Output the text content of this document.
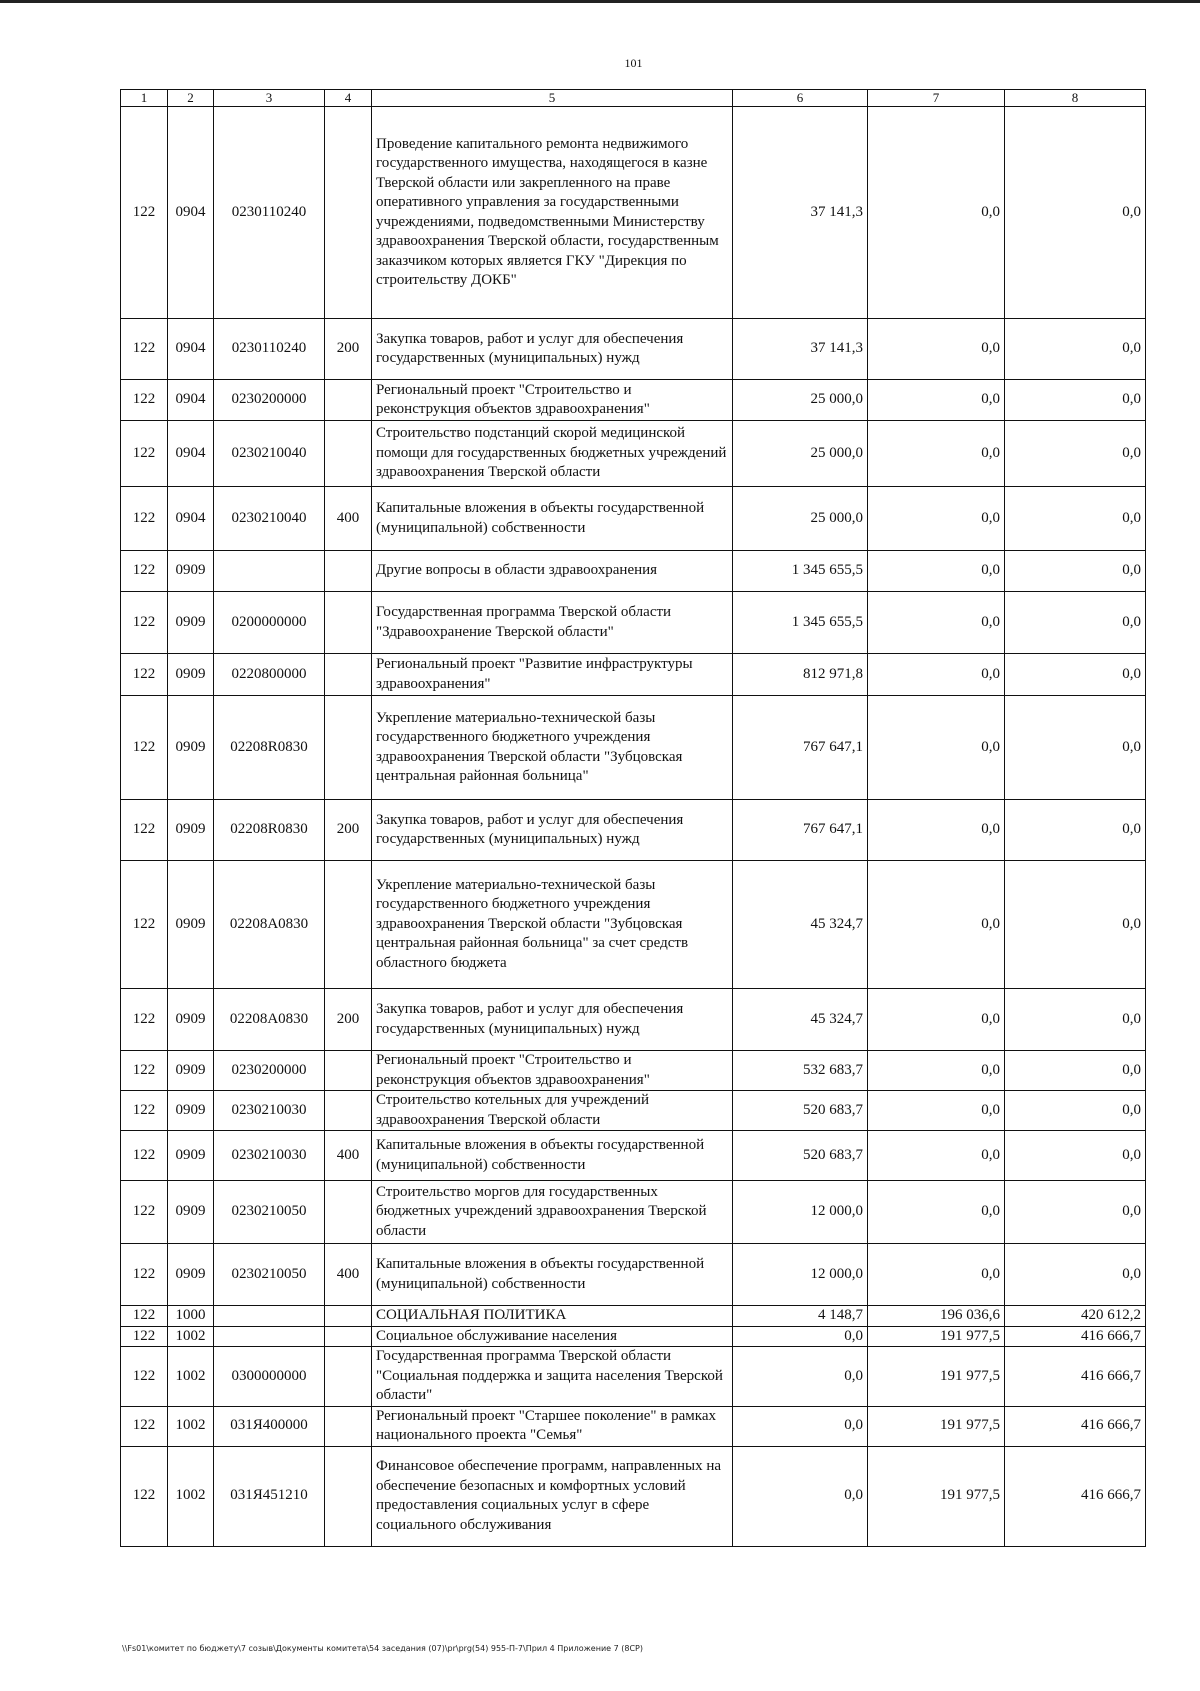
101
1	2	3	4	5	6	7	8
122	0904	0230110240		Проведение капитального ремонта недвижимого государственного имущества, находящегося в казне Тверской области или закрепленного на праве оперативного управления за государственными учреждениями, подведомственными Министерству здравоохранения Тверской области, государственным заказчиком которых является ГКУ "Дирекция по строительству ДОКБ"	37 141,3	0,0	0,0
122	0904	0230110240	200	Закупка товаров, работ и услуг для обеспечения государственных (муниципальных) нужд	37 141,3	0,0	0,0
122	0904	0230200000		Региональный проект "Строительство и реконструкция объектов здравоохранения"	25 000,0	0,0	0,0
122	0904	0230210040		Строительство подстанций скорой медицинской помощи для государственных бюджетных учреждений здравоохранения Тверской области	25 000,0	0,0	0,0
122	0904	0230210040	400	Капитальные вложения в объекты государственной (муниципальной) собственности	25 000,0	0,0	0,0
122	0909			Другие вопросы в области здравоохранения	1 345 655,5	0,0	0,0
122	0909	0200000000		Государственная программа Тверской области "Здравоохранение Тверской области"	1 345 655,5	0,0	0,0
122	0909	0220800000		Региональный проект "Развитие инфраструктуры здравоохранения"	812 971,8	0,0	0,0
122	0909	02208R0830		Укрепление материально-технической базы государственного бюджетного учреждения здравоохранения Тверской области "Зубцовская центральная районная больница"	767 647,1	0,0	0,0
122	0909	02208R0830	200	Закупка товаров, работ и услуг для обеспечения государственных (муниципальных) нужд	767 647,1	0,0	0,0
122	0909	02208A0830		Укрепление материально-технической базы государственного бюджетного учреждения здравоохранения Тверской области "Зубцовская центральная районная больница" за счет средств областного бюджета	45 324,7	0,0	0,0
122	0909	02208A0830	200	Закупка товаров, работ и услуг для обеспечения государственных (муниципальных) нужд	45 324,7	0,0	0,0
122	0909	0230200000		Региональный проект "Строительство и реконструкция объектов здравоохранения"	532 683,7	0,0	0,0
122	0909	0230210030		Строительство котельных для учреждений здравоохранения Тверской области	520 683,7	0,0	0,0
122	0909	0230210030	400	Капитальные вложения в объекты государственной (муниципальной) собственности	520 683,7	0,0	0,0
122	0909	0230210050		Строительство моргов для государственных бюджетных учреждений здравоохранения Тверской области	12 000,0	0,0	0,0
122	0909	0230210050	400	Капитальные вложения в объекты государственной (муниципальной) собственности	12 000,0	0,0	0,0
122	1000			СОЦИАЛЬНАЯ ПОЛИТИКА	4 148,7	196 036,6	420 612,2
122	1002			Социальное обслуживание населения	0,0	191 977,5	416 666,7
122	1002	0300000000		Государственная программа Тверской области "Социальная поддержка и защита населения Тверской области"	0,0	191 977,5	416 666,7
122	1002	031Я400000		Региональный проект "Старшее поколение" в рамках национального проекта "Семья"	0,0	191 977,5	416 666,7
122	1002	031Я451210		Финансовое обеспечение программ, направленных на обеспечение безопасных и комфортных условий предоставления социальных услуг в сфере социального обслуживания	0,0	191 977,5	416 666,7
\\Fs01\комитет по бюджету\7 созыв\Документы комитета\54 заседания (07)\pr\prg(54) 955-П-7\Прил 4 Приложение 7 (8СР)
